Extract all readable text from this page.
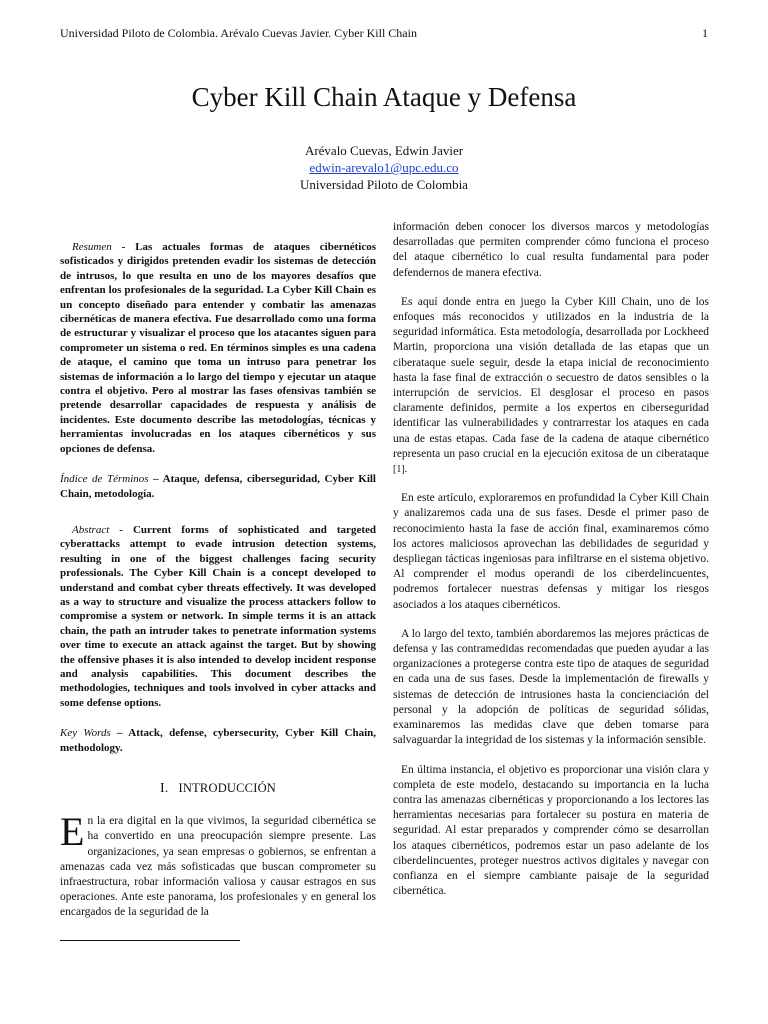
Universidad Piloto de Colombia. Arévalo Cuevas Javier. Cyber Kill Chain	1
Cyber Kill Chain Ataque y Defensa
Arévalo Cuevas, Edwin Javier
edwin-arevalo1@upc.edu.co
Universidad Piloto de Colombia
Resumen - Las actuales formas de ataques cibernéticos sofisticados y dirigidos pretenden evadir los sistemas de detección de intrusos, lo que resulta en uno de los mayores desafíos que enfrentan los profesionales de la seguridad. La Cyber Kill Chain es un concepto diseñado para entender y combatir las amenazas cibernéticas de manera efectiva. Fue desarrollado como una forma de estructurar y visualizar el proceso que los atacantes siguen para comprometer un sistema o red. En términos simples es una cadena de ataque, el camino que toma un intruso para penetrar los sistemas de información a lo largo del tiempo y ejecutar un ataque contra el objetivo. Pero al mostrar las fases ofensivas también se pretende desarrollar capacidades de respuesta y análisis de incidentes. Este documento describe las metodologías, técnicas y herramientas involucradas en los ataques cibernéticos y sus opciones de defensa.
Índice de Términos – Ataque, defensa, ciberseguridad, Cyber Kill Chain, metodología.
Abstract - Current forms of sophisticated and targeted cyberattacks attempt to evade intrusion detection systems, resulting in one of the biggest challenges facing security professionals. The Cyber Kill Chain is a concept developed to understand and combat cyber threats effectively. It was developed as a way to structure and visualize the process attackers follow to compromise a system or network. In simple terms it is an attack chain, the path an intruder takes to penetrate information systems over time to execute an attack against the target. But by showing the offensive phases it is also intended to develop incident response and analysis capabilities. This document describes the methodologies, techniques and tools involved in cyber attacks and some defense options.
Key Words – Attack, defense, cybersecurity, Cyber Kill Chain, methodology.
I. INTRODUCCIÓN
En la era digital en la que vivimos, la seguridad cibernética se ha convertido en una preocupación siempre presente. Las organizaciones, ya sean empresas o gobiernos, se enfrentan a amenazas cada vez más sofisticadas que buscan comprometer su infraestructura, robar información valiosa y causar estragos en sus operaciones. Ante este panorama, los profesionales y en general los encargados de la seguridad de la

información deben conocer los diversos marcos y metodologías desarrolladas que permiten comprender cómo funciona el proceso del ataque cibernético lo cual resulta fundamental para poder defendernos de manera efectiva.

Es aquí donde entra en juego la Cyber Kill Chain, uno de los enfoques más reconocidos y utilizados en la industria de la seguridad informática. Esta metodología, desarrollada por Lockheed Martin, proporciona una visión detallada de las etapas que un ciberataque suele seguir, desde la etapa inicial de reconocimiento hasta la fase final de extracción o secuestro de datos sensibles o la interrupción de servicios. El desglosar el proceso en pasos claramente definidos, permite a los expertos en ciberseguridad identificar las vulnerabilidades y contrarrestar los ataques en cada una de estas etapas. Cada fase de la cadena de ataque cibernético representa un paso crucial en la ejecución exitosa de un ciberataque [1].

En este artículo, exploraremos en profundidad la Cyber Kill Chain y analizaremos cada una de sus fases. Desde el primer paso de reconocimiento hasta la fase de acción final, examinaremos cómo los actores maliciosos aprovechan las debilidades de seguridad y despliegan tácticas ingeniosas para infiltrarse en el sistema objetivo. Al comprender el modus operandi de los ciberdelincuentes, podremos fortalecer nuestras defensas y mitigar los riesgos asociados a los ataques cibernéticos.

A lo largo del texto, también abordaremos las mejores prácticas de defensa y las contramedidas recomendadas que pueden ayudar a las organizaciones a protegerse contra este tipo de ataques de seguridad en cada una de sus fases. Desde la implementación de firewalls y sistemas de detección de intrusiones hasta la concienciación del personal y la adopción de políticas de seguridad sólidas, examinaremos las medidas clave que deben tomarse para salvaguardar la integridad de los sistemas y la información sensible.

En última instancia, el objetivo es proporcionar una visión clara y completa de este modelo, destacando su importancia en la lucha contra las amenazas cibernéticas y proporcionando a los lectores las herramientas necesarias para fortalecer su postura en materia de seguridad. Al estar preparados y comprender cómo se desarrollan los ataques cibernéticos, podremos estar un paso adelante de los ciberdelincuentes, proteger nuestros activos digitales y navegar con confianza en el siempre cambiante paisaje de la seguridad cibernética.
